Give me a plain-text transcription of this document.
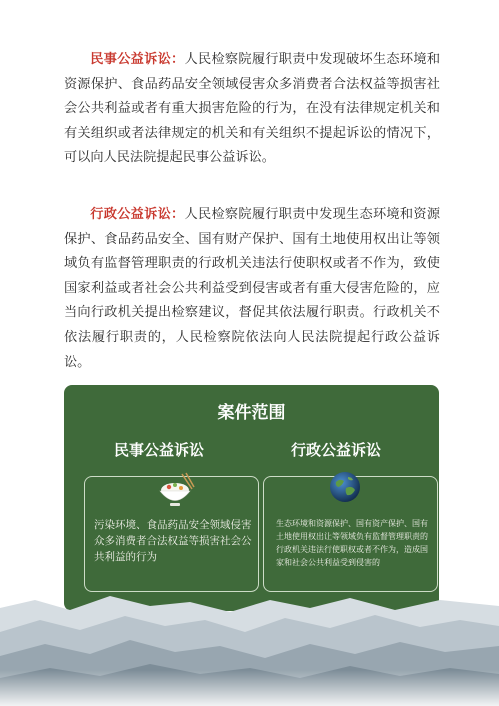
民事公益诉讼：人民检察院履行职责中发现破坏生态环境和资源保护、食品药品安全领域侵害众多消费者合法权益等损害社会公共利益或者有重大损害危险的行为，在没有法律规定机关和有关组织或者法律规定的机关和有关组织不提起诉讼的情况下，可以向人民法院提起民事公益诉讼。
行政公益诉讼：人民检察院履行职责中发现生态环境和资源保护、食品药品安全、国有财产保护、国有土地使用权出让等领域负有监督管理职责的行政机关违法行使职权或者不作为，致使国家利益或者社会公共利益受到侵害或者有重大侵害危险的，应当向行政机关提出检察建议，督促其依法履行职责。行政机关不依法履行职责的，人民检察院依法向人民法院提起行政公益诉讼。
案件范围
民事公益诉讼	行政公益诉讼
污染环境、食品药品安全领域侵害众多消费者合法权益等损害社会公共利益的行为
生态环境和资源保护、国有资产保护、国有土地使用权出让等领域负有监督管理职责的行政机关违法行使职权或者不作为，造成国家和社会公共利益受到侵害的
